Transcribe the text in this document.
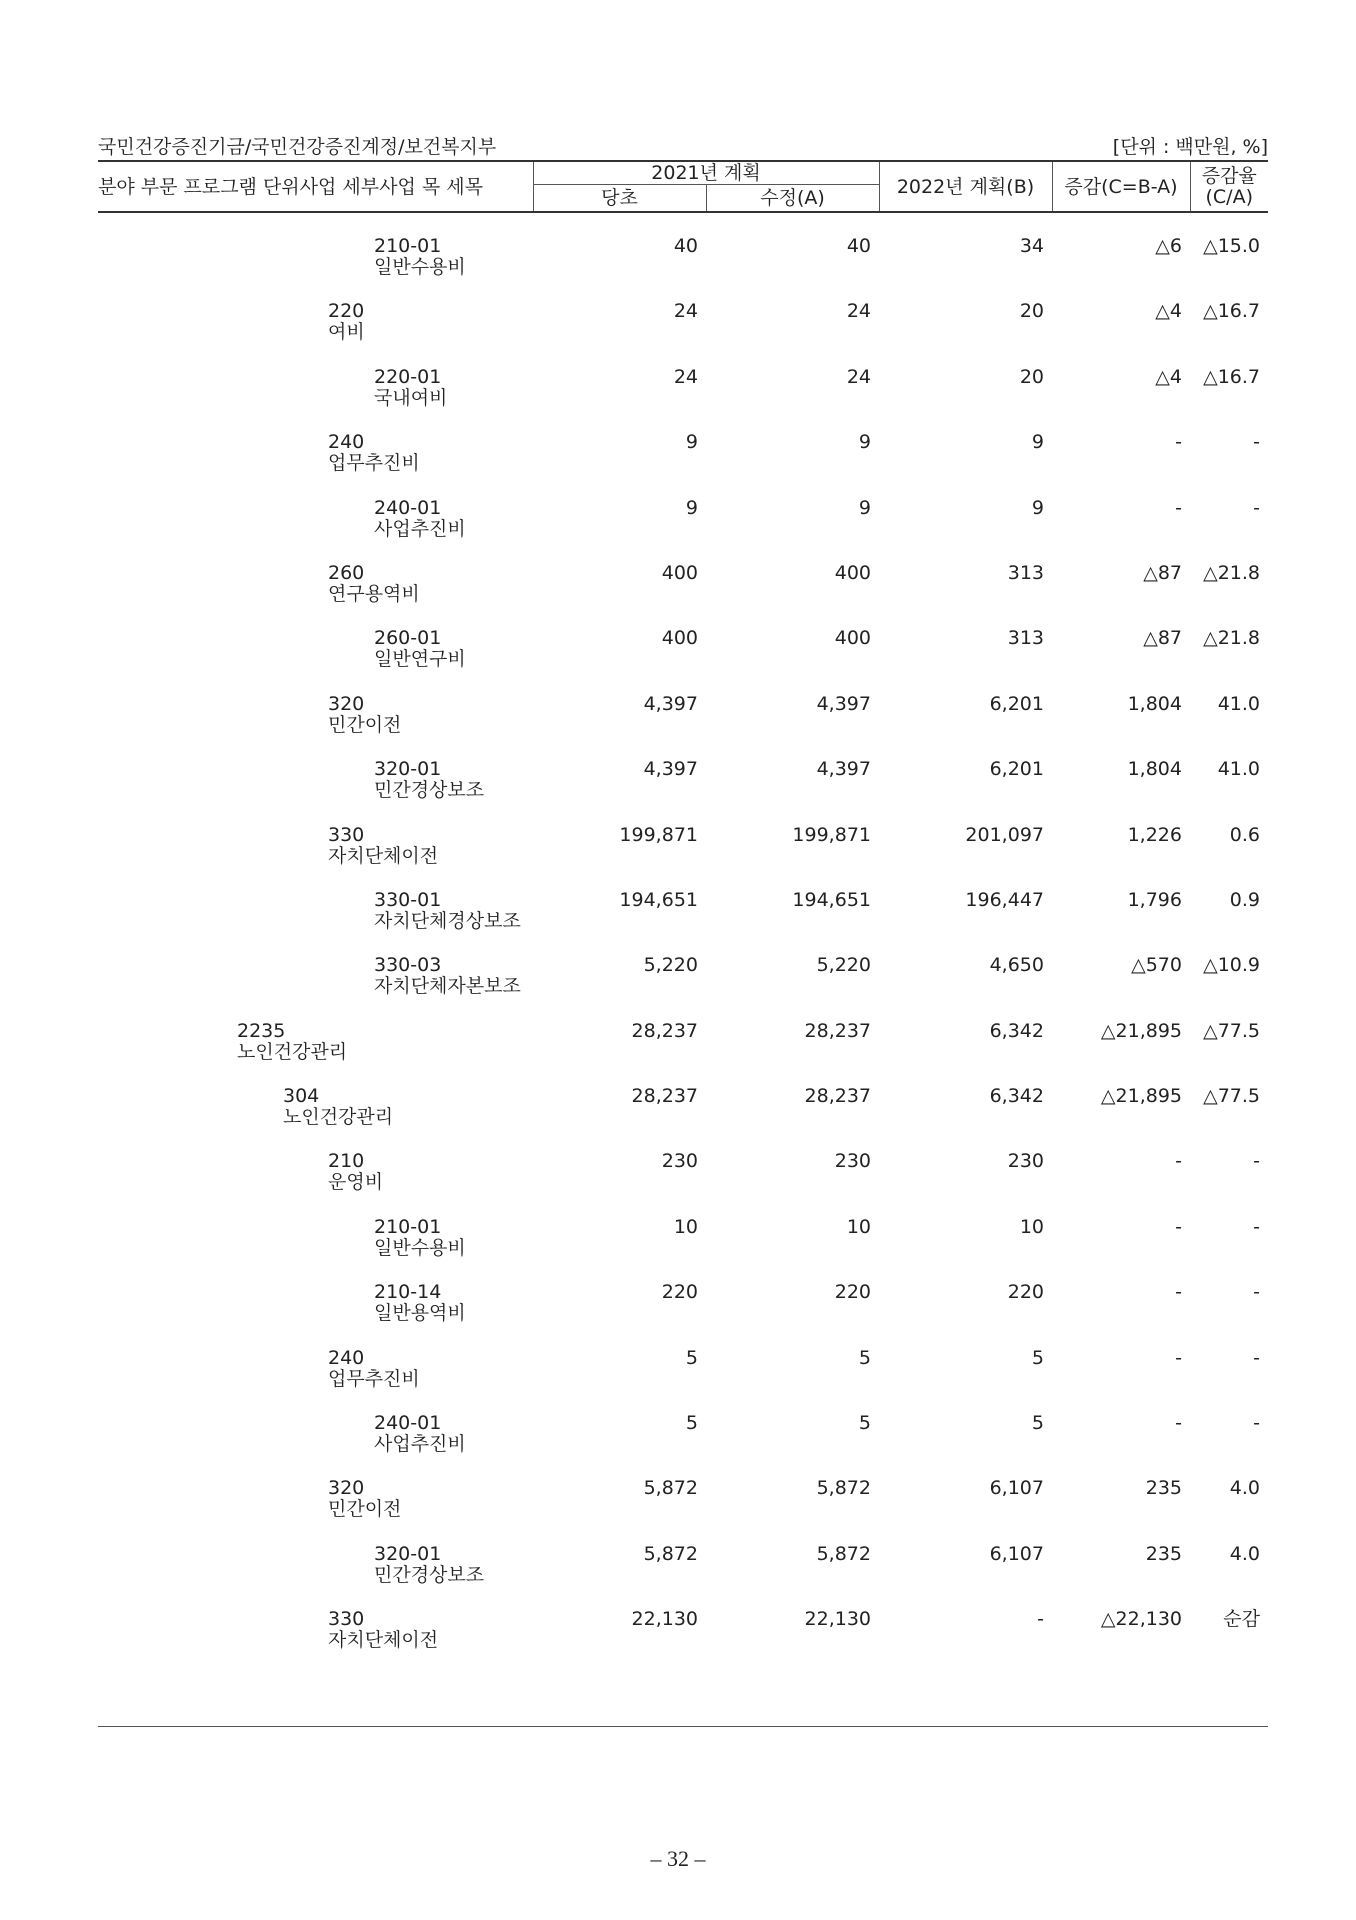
국민건강증진기금/국민건강증진계정/보건복지부	[단위 : 백만원, %]
분야 부문 프로그램 단위사업 세부사업 목 세목	2021년 계획		2022년 계획(B)	증감(C=B-A)	증감율
(C/A)
	당초	수정(A)			
210-01
일반수용비
40	40	34	△6 △15.0
220
여비
24	24	20	△4 △16.7
220-01
국내여비
24	24	20	△4 △16.7
240
업무추진비
9	9	9	-	-
240-01
사업추진비
9	9	9	-	-
260
연구용역비
400	400	313	△87 △21.8
260-01
일반연구비
400	400	313	△87 △21.8
320
민간이전
4,397	4,397	6,201	1,804 41.0
320-01
민간경상보조
4,397	4,397	6,201	1,804 41.0
330
자치단체이전
199,871	199,871	201,097	1,226	0.6
330-01
자치단체경상보조
194,651	194,651	196,447	1,796	0.9
330-03
자치단체자본보조
5,220	5,220	4,650	△570 △10.9
2235
노인건강관리
28,237	28,237	6,342	△21,895 △77.5
304
노인건강관리
28,237	28,237	6,342	△21,895 △77.5
210
운영비
230	230	230	-	-
210-01
일반수용비
10	10	10	-	-
210-14
일반용역비
220	220	220	-	-
240
업무추진비
5	5	5	-	-
240-01
사업추진비
5	5	5	-	-
320
민간이전
5,872	5,872	6,107	235	4.0
320-01
민간경상보조
5,872	5,872	6,107	235	4.0
330
자치단체이전
22,130	22,130	-	△22,130 순감
– 32 –
